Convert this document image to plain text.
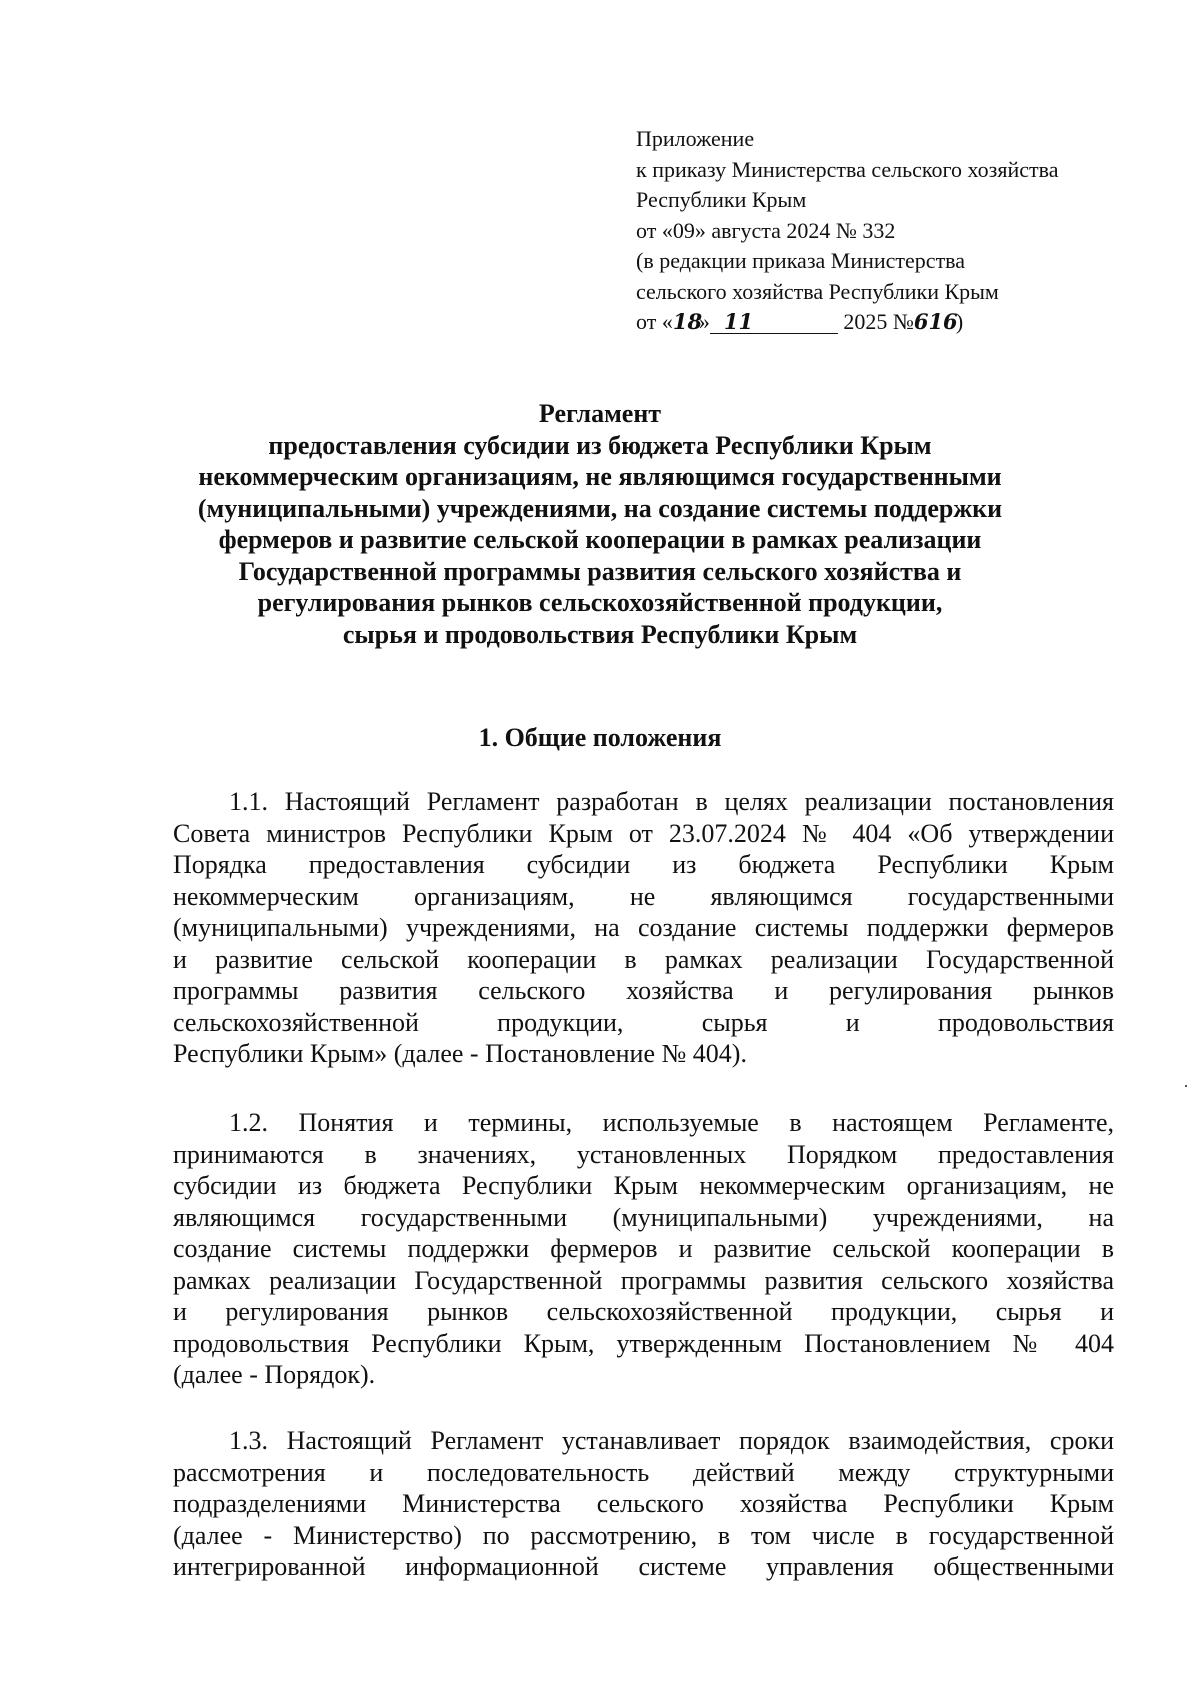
Приложение
к приказу Министерства сельского хозяйства
Республики Крым
от «09» августа 2024 № 332
(в редакции приказа Министерства
сельского хозяйства Республики Крым
от «18» 11	2025 №616)
Регламент
предоставления субсидии из бюджета Республики Крым
некоммерческим организациям, не являющимся государственными
(муниципальными) учреждениями, на создание системы поддержки
фермеров и развитие сельской кооперации в рамках реализации
Государственной программы развития сельского хозяйства и
регулирования рынков сельскохозяйственной продукции,
сырья и продовольствия Республики Крым
1. Общие положения
1.1. Настоящий Регламент разработан в целях реализации постановления
Совета министров Республики Крым от 23.07.2024 № 404 «Об утверждении
Порядка предоставления субсидии из бюджета Республики Крым
некоммерческим организациям, не являющимся государственными
(муниципальными) учреждениями, на создание системы поддержки фермеров
и развитие сельской кооперации в рамках реализации Государственной
программы развития сельского хозяйства и регулирования рынков
сельскохозяйственной продукции, сырья и продовольствия
Республики Крым» (далее - Постановление № 404).
1.2. Понятия и термины, используемые в настоящем Регламенте,
принимаются в значениях, установленных Порядком предоставления
субсидии из бюджета Республики Крым некоммерческим организациям, не
являющимся государственными (муниципальными) учреждениями, на
создание системы поддержки фермеров и развитие сельской кооперации в
рамках реализации Государственной программы развития сельского хозяйства
и регулирования рынков сельскохозяйственной продукции, сырья и
продовольствия Республики Крым, утвержденным Постановлением № 404
(далее - Порядок).
1.3. Настоящий Регламент устанавливает порядок взаимодействия, сроки
рассмотрения и последовательность действий между структурными
подразделениями Министерства сельского хозяйства Республики Крым
(далее - Министерство) по рассмотрению, в том числе в государственной
интегрированной информационной системе управления общественными
